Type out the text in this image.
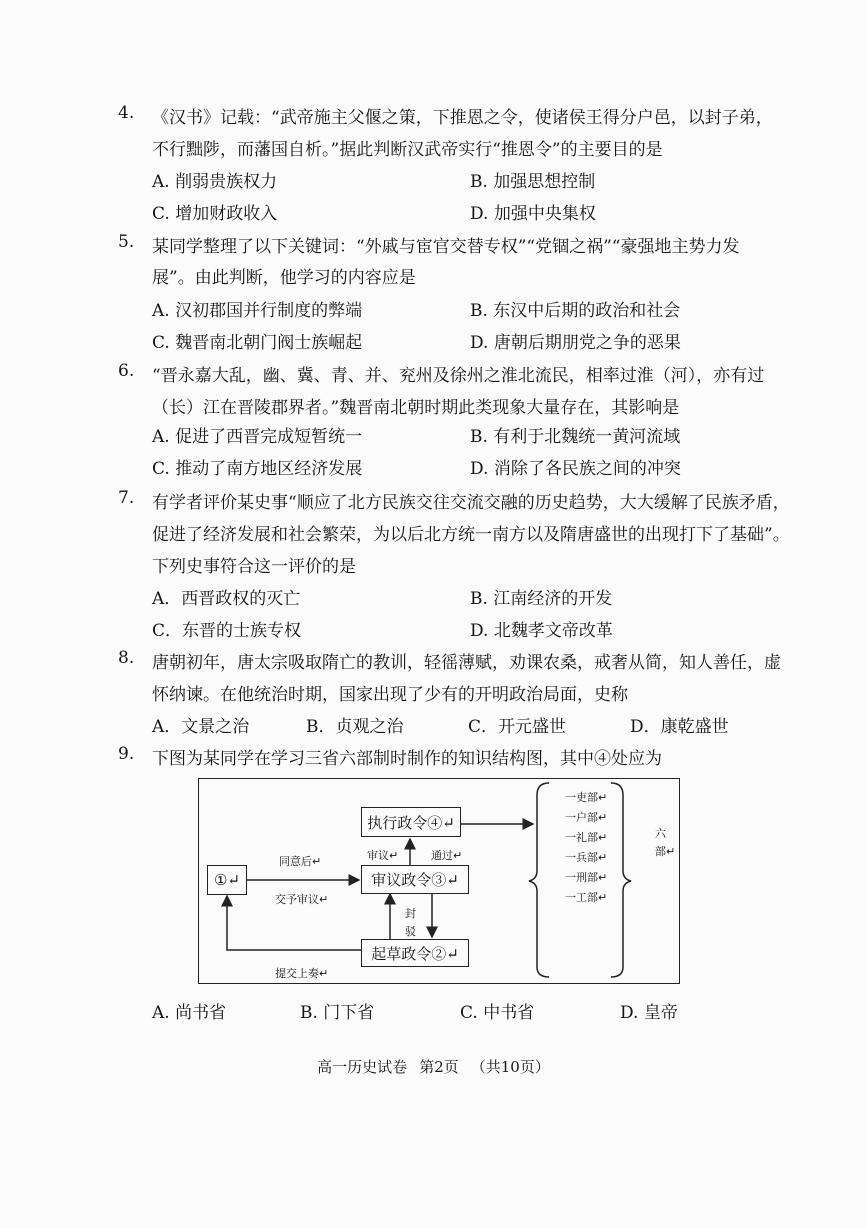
4. 《汉书》记载：“武帝施主父偃之策，下推恩之令，使诸侯王得分户邑，以封子弟，
不行黜陟，而藩国自析。”据此判断汉武帝实行“推恩令”的主要目的是
A. 削弱贵族权力	B. 加强思想控制
C. 增加财政收入	D. 加强中央集权
5. 某同学整理了以下关键词：“外戚与宦官交替专权”“党锢之祸”“豪强地主势力发
展”。由此判断，他学习的内容应是
A. 汉初郡国并行制度的弊端	B. 东汉中后期的政治和社会
C. 魏晋南北朝门阀士族崛起	D. 唐朝后期朋党之争的恶果
6. “晋永嘉大乱，幽、冀、青、并、兖州及徐州之淮北流民，相率过淮（河），亦有过
（长）江在晋陵郡界者。”魏晋南北朝时期此类现象大量存在，其影响是
A. 促进了西晋完成短暂统一	B. 有利于北魏统一黄河流域
C. 推动了南方地区经济发展	D. 消除了各民族之间的冲突
7. 有学者评价某史事“顺应了北方民族交往交流交融的历史趋势，大大缓解了民族矛盾，
促进了经济发展和社会繁荣，为以后北方统一南方以及隋唐盛世的出现打下了基础”。
下列史事符合这一评价的是
A．西晋政权的灭亡	B. 江南经济的开发
C．东晋的士族专权	D. 北魏孝文帝改革
8. 唐朝初年，唐太宗吸取隋亡的教训，轻徭薄赋，劝课农桑，戒奢从简，知人善任，虚
怀纳谏。在他统治时期，国家出现了少有的开明政治局面，史称
A．文景之治	B．贞观之治	C．开元盛世	D．康乾盛世
9. 下图为某同学在学习三省六部制时制作的知识结构图，其中④处应为
执行政令④↵
审议政令③↵
起草政令②↵
①↵
同意后↵
交予审议↵
提交上奏↵
审议↵	通过↵
封
驳
一吏部↵
一户部↵
一礼部↵
一兵部↵
一刑部↵
一工部↵
六
部↵
A. 尚书省	B. 门下省	C. 中书省	D. 皇帝
高一历史试卷 第2页 （共10页）
